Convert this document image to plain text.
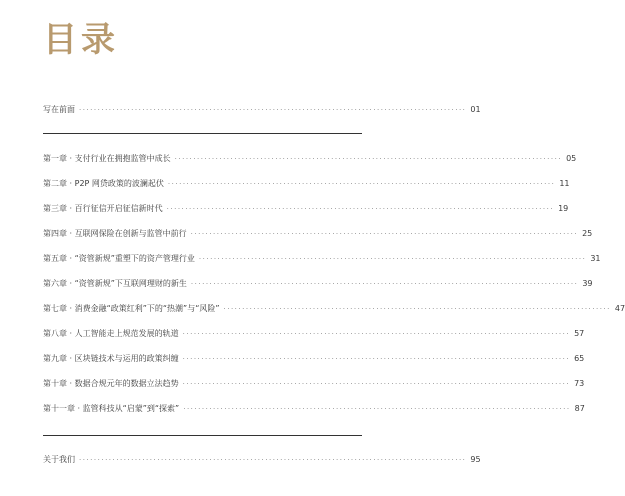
目录
写在前面 ········································································································ 01
第一章 · 支付行业在拥抱监管中成长 ········································································································ 05
第二章 · P2P 网贷政策的波澜起伏 ········································································································ 11
第三章 · 百行征信开启征信新时代 ········································································································ 19
第四章 · 互联网保险在创新与监管中前行 ········································································································ 25
第五章 · “资管新规”重塑下的资产管理行业 ········································································································ 31
第六章 · “资管新规”下互联网理财的新生 ········································································································ 39
第七章 · 消费金融“政策红利”下的“热潮”与“风险” ········································································································ 47
第八章 · 人工智能走上规范发展的轨道 ········································································································ 57
第九章 · 区块链技术与运用的政策纠缠 ········································································································ 65
第十章 · 数据合规元年的数据立法趋势 ········································································································ 73
第十一章 · 监管科技从“启蒙”到“探索” ········································································································ 87
关于我们 ········································································································ 95
